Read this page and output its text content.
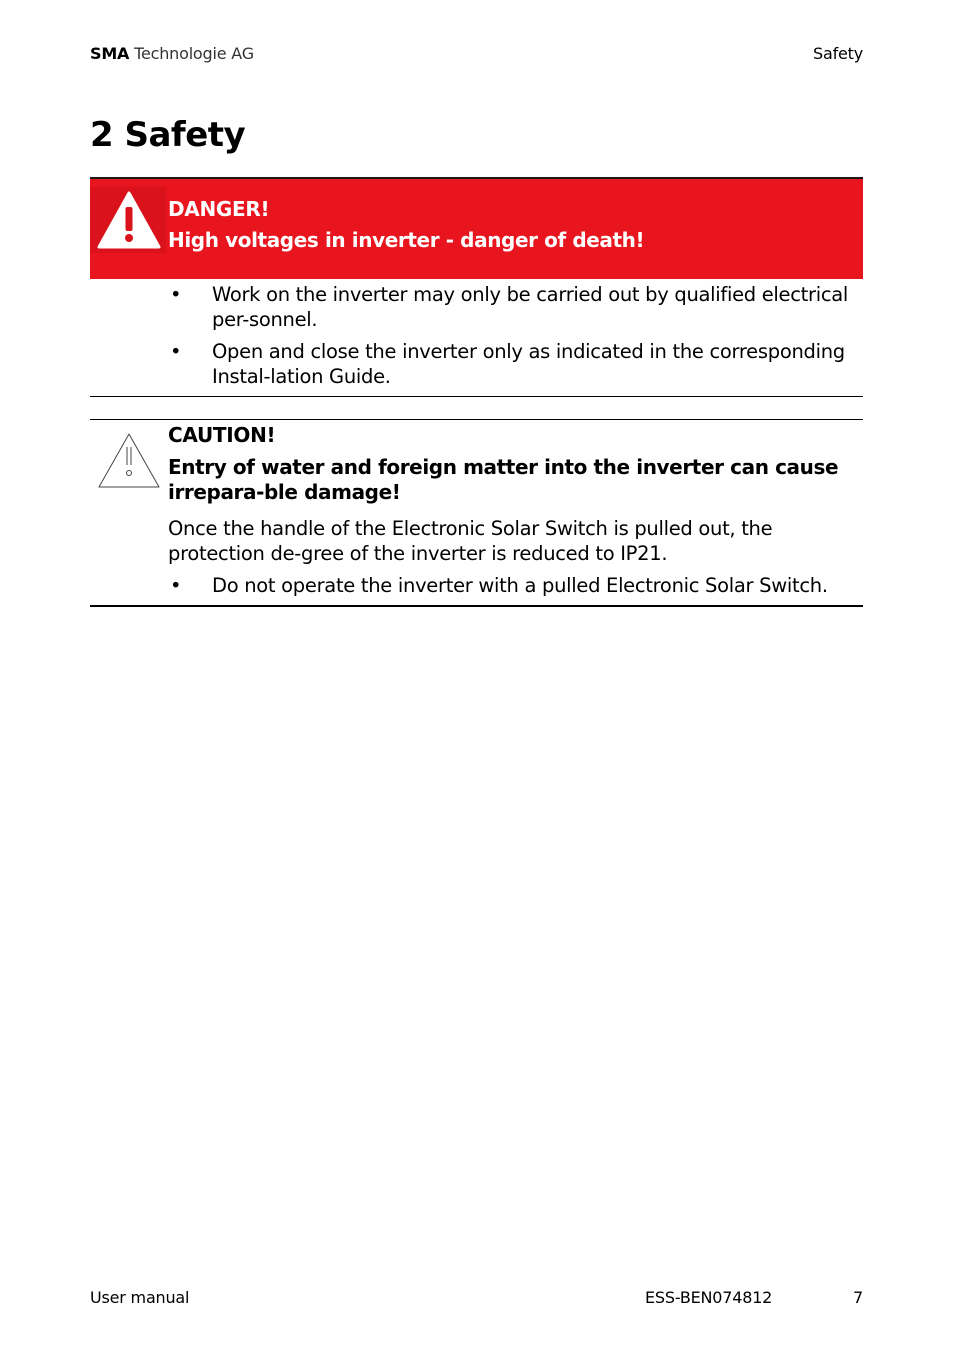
SMA Technologie AG	Safety
2 Safety
DANGER!
High voltages in inverter - danger of death!
• Work on the inverter may only be carried out by qualified electrical per-sonnel.
• Open and close the inverter only as indicated in the corresponding Instal-lation Guide.
CAUTION!
Entry of water and foreign matter into the inverter can cause irrepara-ble damage!
Once the handle of the Electronic Solar Switch is pulled out, the protection de-gree of the inverter is reduced to IP21.
• Do not operate the inverter with a pulled Electronic Solar Switch.
User manual	ESS-BEN074812	7
